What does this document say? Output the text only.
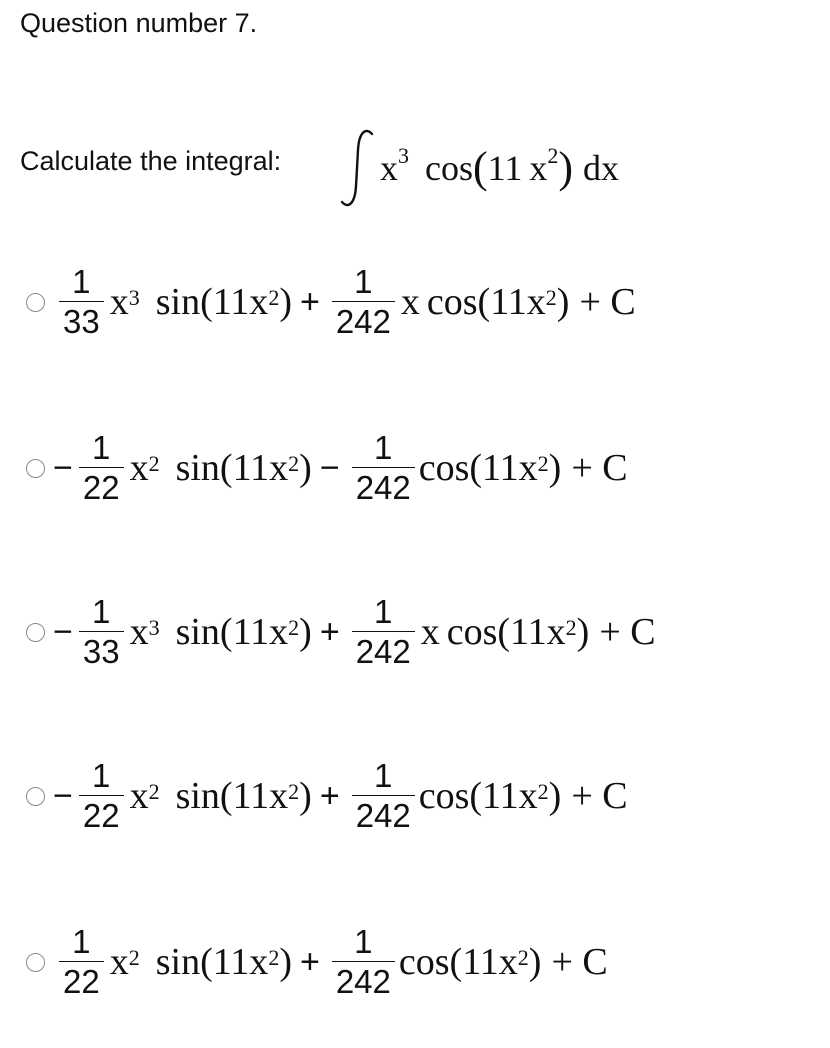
Question number 7.
Calculate the integral:	$x^3$ cos(11 $x^2$) dx
$\frac{1}{33} x^3$ $\sin(11x^2$ ) + $\frac{1}{242}$ x $\cos(11x^2$ ) + C
− $\frac{1}{22} x^2$ $\sin(11x^2$ ) − $\frac{1}{242} \cos(11x^2$ ) + C
− $\frac{1}{33} x^3$ $\sin(11x^2$ ) + $\frac{1}{242}$ x $\cos(11x^2$ ) + C
− $\frac{1}{22} x^2$ $\sin(11x^2$ ) + $\frac{1}{242} \cos(11x^2$ ) + C
$\frac{1}{22} x^2$ $\sin(11x^2$ ) + $\frac{1}{242} \cos(11x^2$ ) + C
